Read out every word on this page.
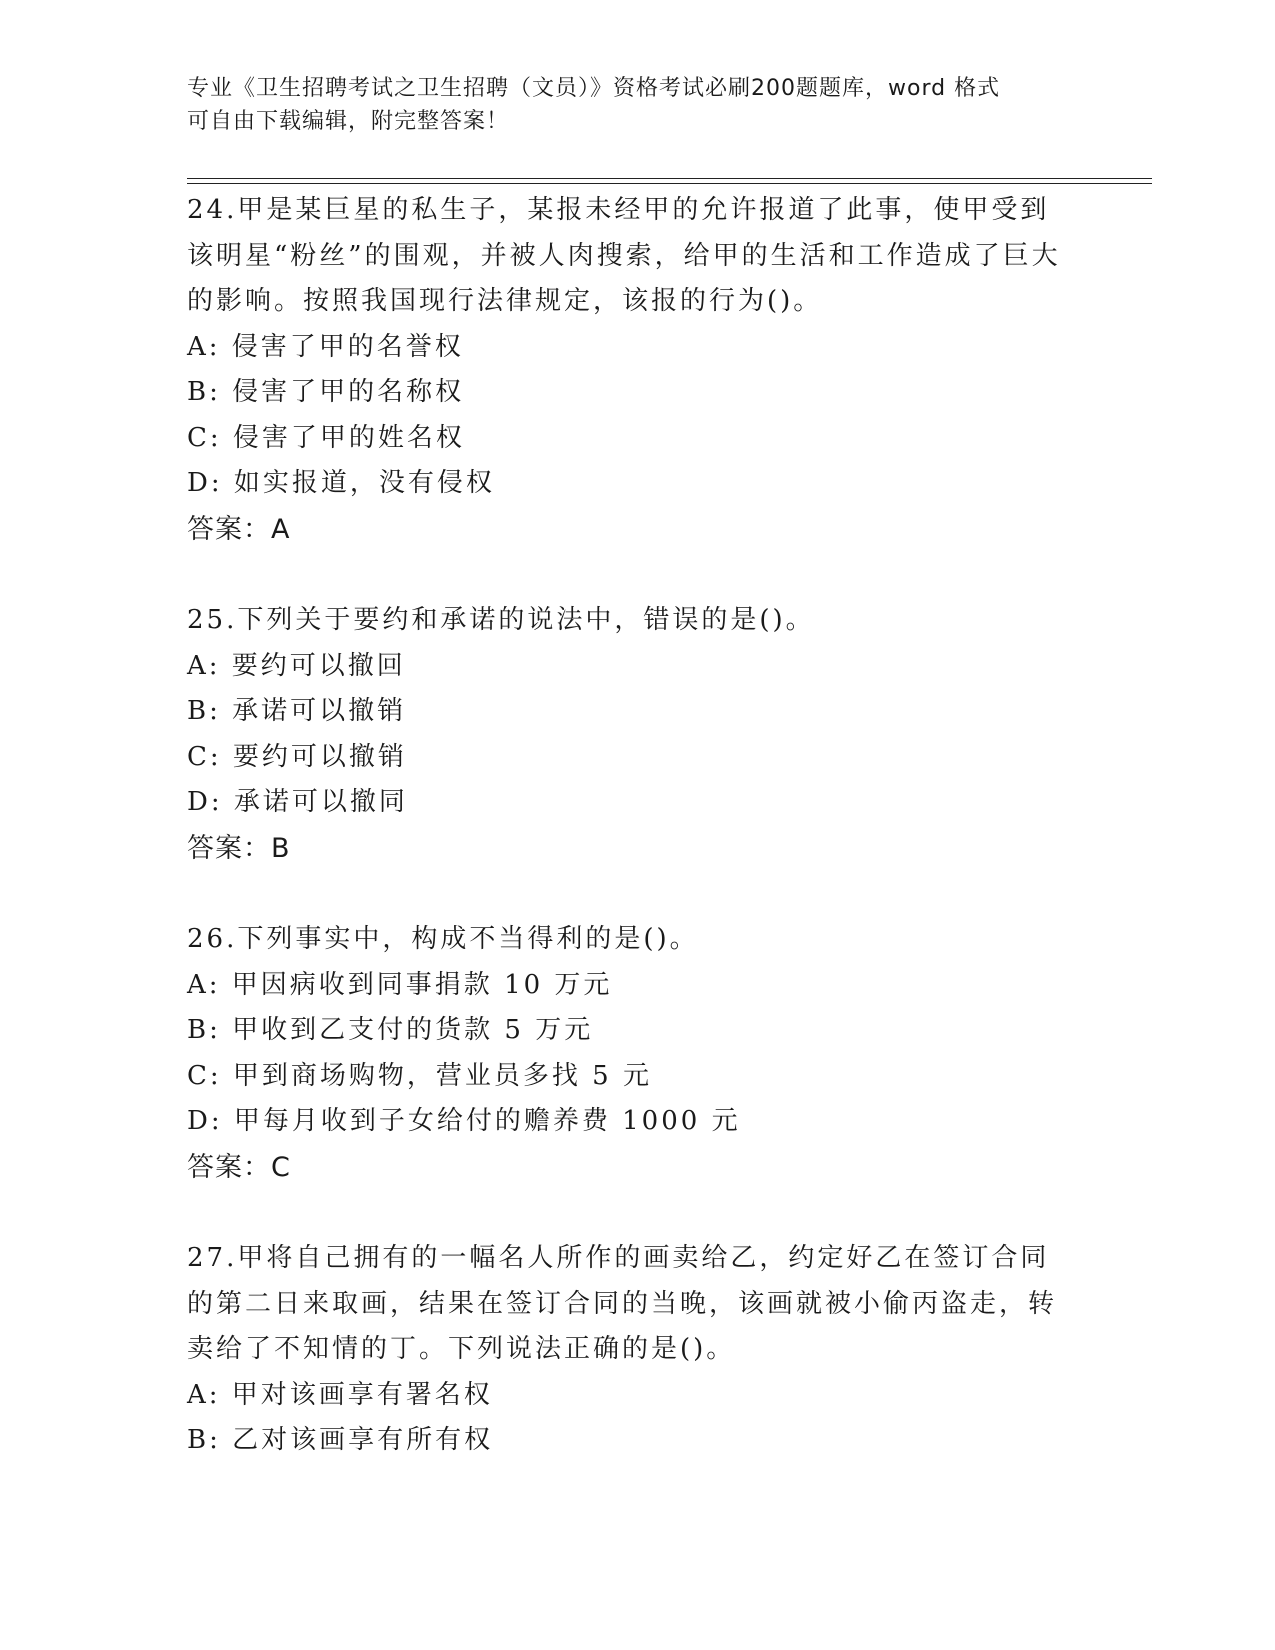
专业《卫生招聘考试之卫生招聘（文员）》资格考试必刷200题题库，word 格式
可自由下载编辑，附完整答案！
24.甲是某巨星的私生子，某报未经甲的允许报道了此事，使甲受到该明星“粉丝”的围观，并被人肉搜索，给甲的生活和工作造成了巨大的影响。按照我国现行法律规定，该报的行为()。
A: 侵害了甲的名誉权
B: 侵害了甲的名称权
C: 侵害了甲的姓名权
D: 如实报道，没有侵权
答案：A
25.下列关于要约和承诺的说法中，错误的是()。
A: 要约可以撤回
B: 承诺可以撤销
C: 要约可以撤销
D: 承诺可以撤同
答案：B
26.下列事实中，构成不当得利的是()。
A: 甲因病收到同事捐款 10 万元
B: 甲收到乙支付的货款 5 万元
C: 甲到商场购物，营业员多找 5 元
D: 甲每月收到子女给付的赡养费 1000 元
答案：C
27.甲将自己拥有的一幅名人所作的画卖给乙，约定好乙在签订合同的第二日来取画，结果在签订合同的当晚，该画就被小偷丙盗走，转卖给了不知情的丁。下列说法正确的是()。
A: 甲对该画享有署名权
B: 乙对该画享有所有权
